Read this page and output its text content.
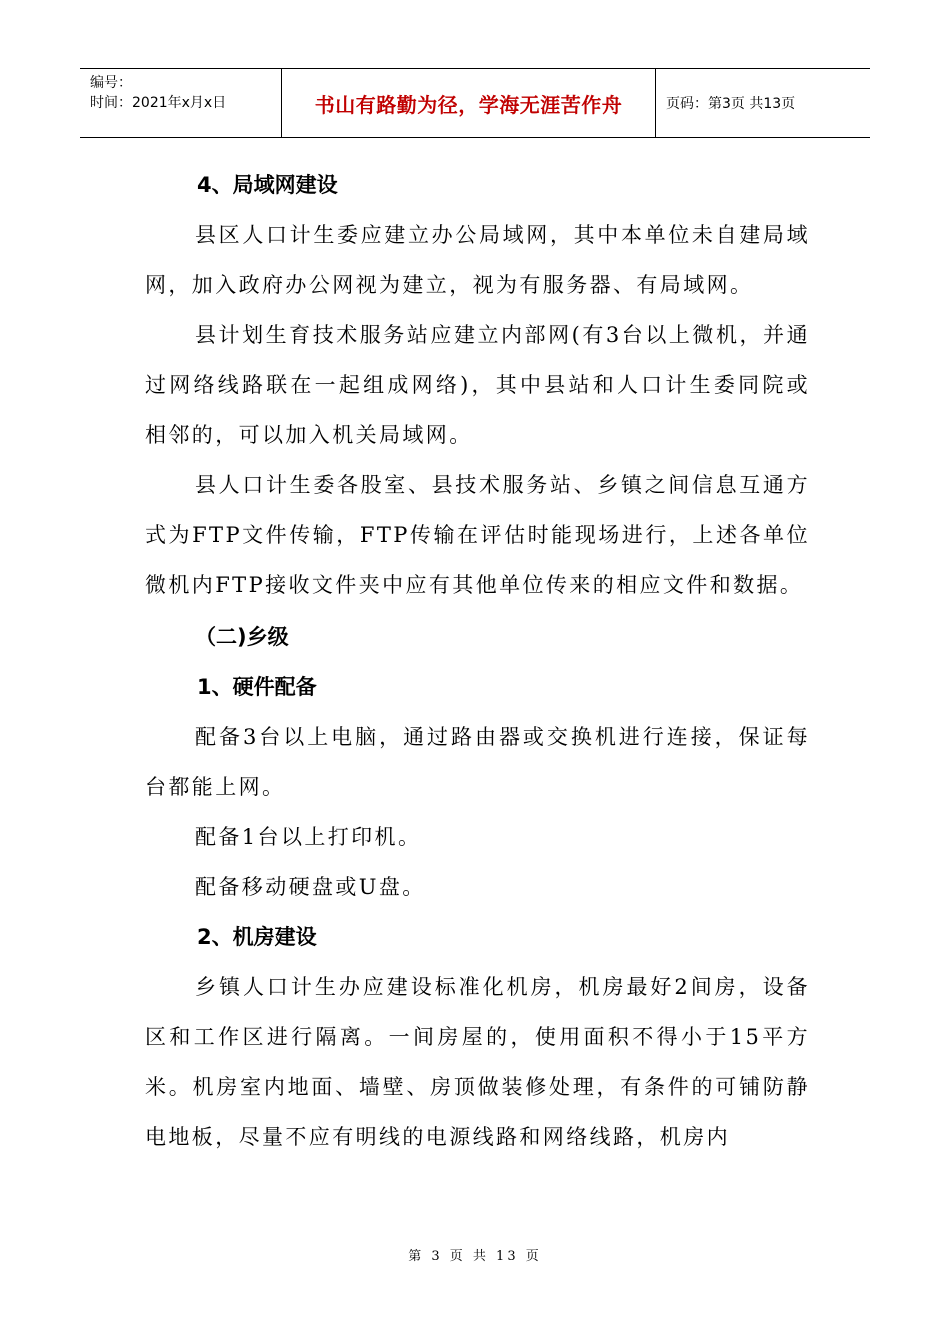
编号：
时间：2021年x月x日	书山有路勤为径，学海无涯苦作舟	页码：第3页 共13页
4、局域网建设

县区人口计生委应建立办公局域网，其中本单位未自建局域网，加入政府办公网视为建立，视为有服务器、有局域网。

县计划生育技术服务站应建立内部网(有3台以上微机，并通过网络线路联在一起组成网络)，其中县站和人口计生委同院或相邻的，可以加入机关局域网。

县人口计生委各股室、县技术服务站、乡镇之间信息互通方式为FTP文件传输，FTP传输在评估时能现场进行，上述各单位微机内FTP接收文件夹中应有其他单位传来的相应文件和数据。

（二)乡级
1、硬件配备

配备3台以上电脑，通过路由器或交换机进行连接，保证每台都能上网。

配备1台以上打印机。

配备移动硬盘或U盘。

2、机房建设

乡镇人口计生办应建设标准化机房，机房最好2间房，设备区和工作区进行隔离。一间房屋的，使用面积不得小于15平方米。机房室内地面、墙壁、房顶做装修处理，有条件的可铺防静电地板，尽量不应有明线的电源线路和网络线路，机房内

第 3 页 共 13 页
